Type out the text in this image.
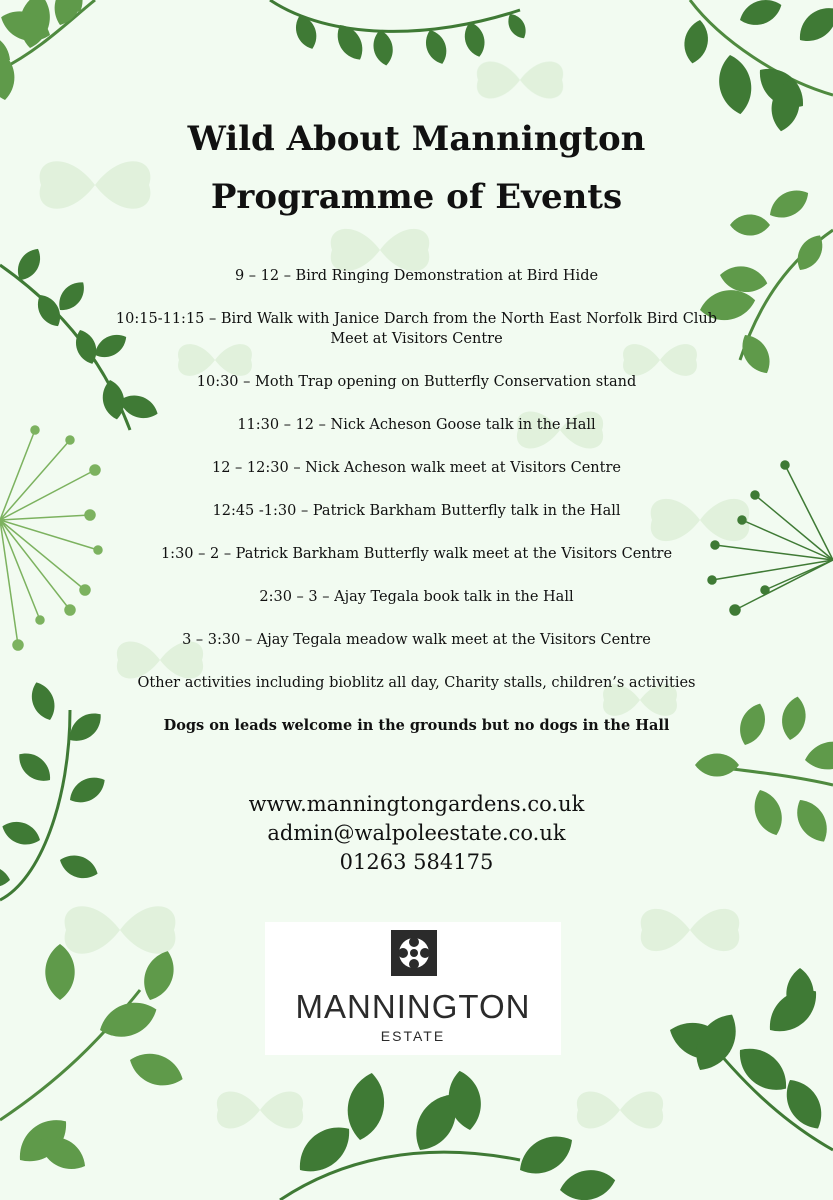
Wild About Mannington
Programme of Events

9 – 12 – Bird Ringing Demonstration at Bird Hide

10:15-11:15 – Bird Walk with Janice Darch from the North East Norfolk Bird Club
Meet at Visitors Centre

10:30 – Moth Trap opening on Butterfly Conservation stand

11:30 – 12 – Nick Acheson Goose talk in the Hall

12 – 12:30 – Nick Acheson walk meet at Visitors Centre

12:45 -1:30 – Patrick Barkham Butterfly talk in the Hall

1:30 – 2 – Patrick Barkham Butterfly walk meet at the Visitors Centre

2:30 – 3 – Ajay Tegala book talk in the Hall

3 – 3:30 – Ajay Tegala meadow walk meet at the Visitors Centre

Other activities including bioblitz all day, Charity stalls, children’s activities

Dogs on leads welcome in the grounds but no dogs in the Hall

www.manningtongardens.co.uk
admin@walpoleestate.co.uk
01263 584175
MANNINGTON
ESTATE
